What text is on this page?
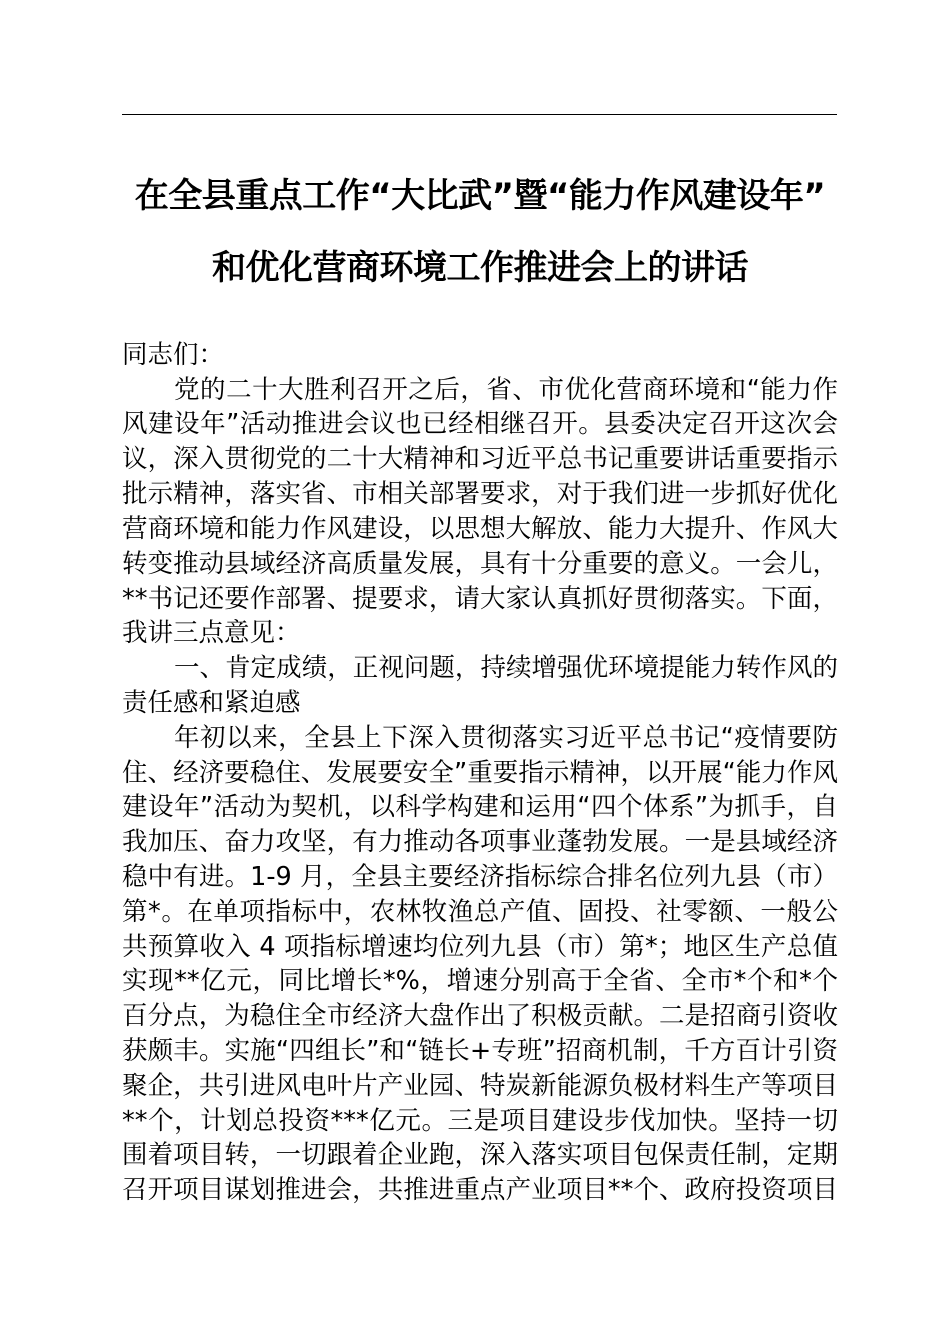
在全县重点工作“大比武”暨“能力作风建设年”
和优化营商环境工作推进会上的讲话
同志们：
党的二十大胜利召开之后，省、市优化营商环境和“能力作
风建设年”活动推进会议也已经相继召开。县委决定召开这次会
议，深入贯彻党的二十大精神和习近平总书记重要讲话重要指示
批示精神，落实省、市相关部署要求，对于我们进一步抓好优化
营商环境和能力作风建设，以思想大解放、能力大提升、作风大
转变推动县域经济高质量发展，具有十分重要的意义。一会儿，
**书记还要作部署、提要求，请大家认真抓好贯彻落实。下面，
我讲三点意见：
一、肯定成绩，正视问题，持续增强优环境提能力转作风的
责任感和紧迫感
年初以来，全县上下深入贯彻落实习近平总书记“疫情要防
住、经济要稳住、发展要安全”重要指示精神，以开展“能力作风
建设年”活动为契机，以科学构建和运用“四个体系”为抓手，自
我加压、奋力攻坚，有力推动各项事业蓬勃发展。一是县域经济
稳中有进。1-9 月，全县主要经济指标综合排名位列九县（市）
第*。在单项指标中，农林牧渔总产值、固投、社零额、一般公
共预算收入 4 项指标增速均位列九县（市）第*；地区生产总值
实现**亿元，同比增长*%，增速分别高于全省、全市*个和*个
百分点，为稳住全市经济大盘作出了积极贡献。二是招商引资收
获颇丰。实施“四组长”和“链长+专班”招商机制，千方百计引资
聚企，共引进风电叶片产业园、特炭新能源负极材料生产等项目
**个，计划总投资***亿元。三是项目建设步伐加快。坚持一切
围着项目转，一切跟着企业跑，深入落实项目包保责任制，定期
召开项目谋划推进会，共推进重点产业项目**个、政府投资项目
